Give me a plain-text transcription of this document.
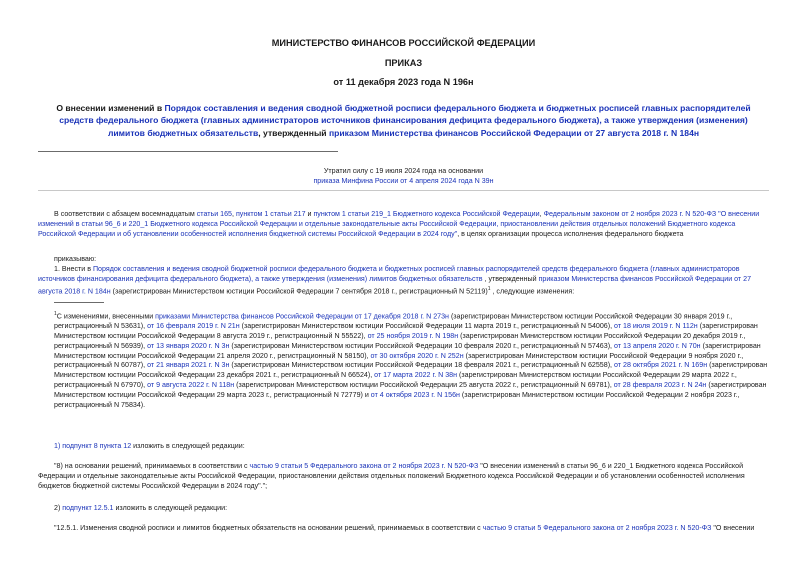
МИНИСТЕРСТВО ФИНАНСОВ РОССИЙСКОЙ ФЕДЕРАЦИИ
ПРИКАЗ
от 11 декабря 2023 года N 196н
О внесении изменений в Порядок составления и ведения сводной бюджетной росписи федерального бюджета и бюджетных росписей главных распорядителей средств федерального бюджета (главных администраторов источников финансирования дефицита федерального бюджета), а также утверждения (изменения) лимитов бюджетных обязательств, утвержденный приказом Министерства финансов Российской Федерации от 27 августа 2018 г. N 184н
Утратил силу с 19 июля 2024 года на основании
приказа Минфина России от 4 апреля 2024 года N 39н
В соответствии с абзацем восемнадцатым статьи 165, пунктом 1 статьи 217 и пунктом 1 статьи 219_1 Бюджетного кодекса Российской Федерации, Федеральным законом от 2 ноября 2023 г. N 520-ФЗ "О внесении изменений в статьи 96_6 и 220_1 Бюджетного кодекса Российской Федерации и отдельные законодательные акты Российской Федерации, приостановлении действия отдельных положений Бюджетного кодекса Российской Федерации и об установлении особенностей исполнения бюджетной системы Российской Федерации в 2024 году", в целях организации процесса исполнения федерального бюджета
приказываю:
1. Внести в Порядок составления и ведения сводной бюджетной росписи федерального бюджета и бюджетных росписей главных распорядителей средств федерального бюджета (главных администраторов источников финансирования дефицита федерального бюджета), а также утверждения (изменения) лимитов бюджетных обязательств , утвержденный приказом Министерства финансов Российской Федерации от 27 августа 2018 г. N 184н (зарегистрирован Министерством юстиции Российской Федерации 7 сентября 2018 г., регистрационный N 52119)$^1$ , следующие изменения:
$^1$С изменениями, внесенными приказами Министерства финансов Российской Федерации от 17 декабря 2018 г. N 273н (зарегистрирован Министерством юстиции Российской Федерации 30 января 2019 г., регистрационный N 53631), от 16 февраля 2019 г. N 21н (зарегистрирован Министерством юстиции Российской Федерации 11 марта 2019 г., регистрационный N 54006), от 18 июля 2019 г. N 112н (зарегистрирован Министерством юстиции Российской Федерации 8 августа 2019 г., регистрационный N 55522), от 25 ноября 2019 г. N 198н (зарегистрирован Министерством юстиции Российской Федерации 20 декабря 2019 г., регистрационный N 56939), от 13 января 2020 г. N 3н (зарегистрирован Министерством юстиции Российской Федерации 10 февраля 2020 г., регистрационный N 57463), от 13 апреля 2020 г. N 70н (зарегистрирован Министерством юстиции Российской Федерации 21 апреля 2020 г., регистрационный N 58150), от 30 октября 2020 г. N 252н (зарегистрирован Министерством юстиции Российской Федерации 9 ноября 2020 г., регистрационный N 60787), от 21 января 2021 г. N 3н (зарегистрирован Министерством юстиции Российской Федерации 18 февраля 2021 г., регистрационный N 62558), от 28 октября 2021 г. N 169н (зарегистрирован Министерством юстиции Российской Федерации 23 декабря 2021 г., регистрационный N 66524), от 17 марта 2022 г. N 38н (зарегистрирован Министерством юстиции Российской Федерации 29 марта 2022 г., регистрационный N 67970), от 9 августа 2022 г. N 118н (зарегистрирован Министерством юстиции Российской Федерации 25 августа 2022 г., регистрационный N 69781), от 28 февраля 2023 г. N 24н (зарегистрирован Министерством юстиции Российской Федерации 29 марта 2023 г., регистрационный N 72779) и от 4 октября 2023 г. N 156н (зарегистрирован Министерством юстиции Российской Федерации 2 ноября 2023 г., регистрационный N 75834).
1) подпункт 8 пункта 12 изложить в следующей редакции:
"8) на основании решений, принимаемых в соответствии с частью 9 статьи 5 Федерального закона от 2 ноября 2023 г. N 520-ФЗ "О внесении изменений в статьи 96_6 и 220_1 Бюджетного кодекса Российской Федерации и отдельные законодательные акты Российской Федерации, приостановлении действия отдельных положений Бюджетного кодекса Российской Федерации и об установлении особенностей исполнения бюджетов бюджетной системы Российской Федерации в 2024 году".";
2) подпункт 12.5.1 изложить в следующей редакции:
"12.5.1. Изменения сводной росписи и лимитов бюджетных обязательств на основании решений, принимаемых в соответствии с частью 9 статьи 5 Федерального закона от 2 ноября 2023 г. N 520-ФЗ "О внесении
